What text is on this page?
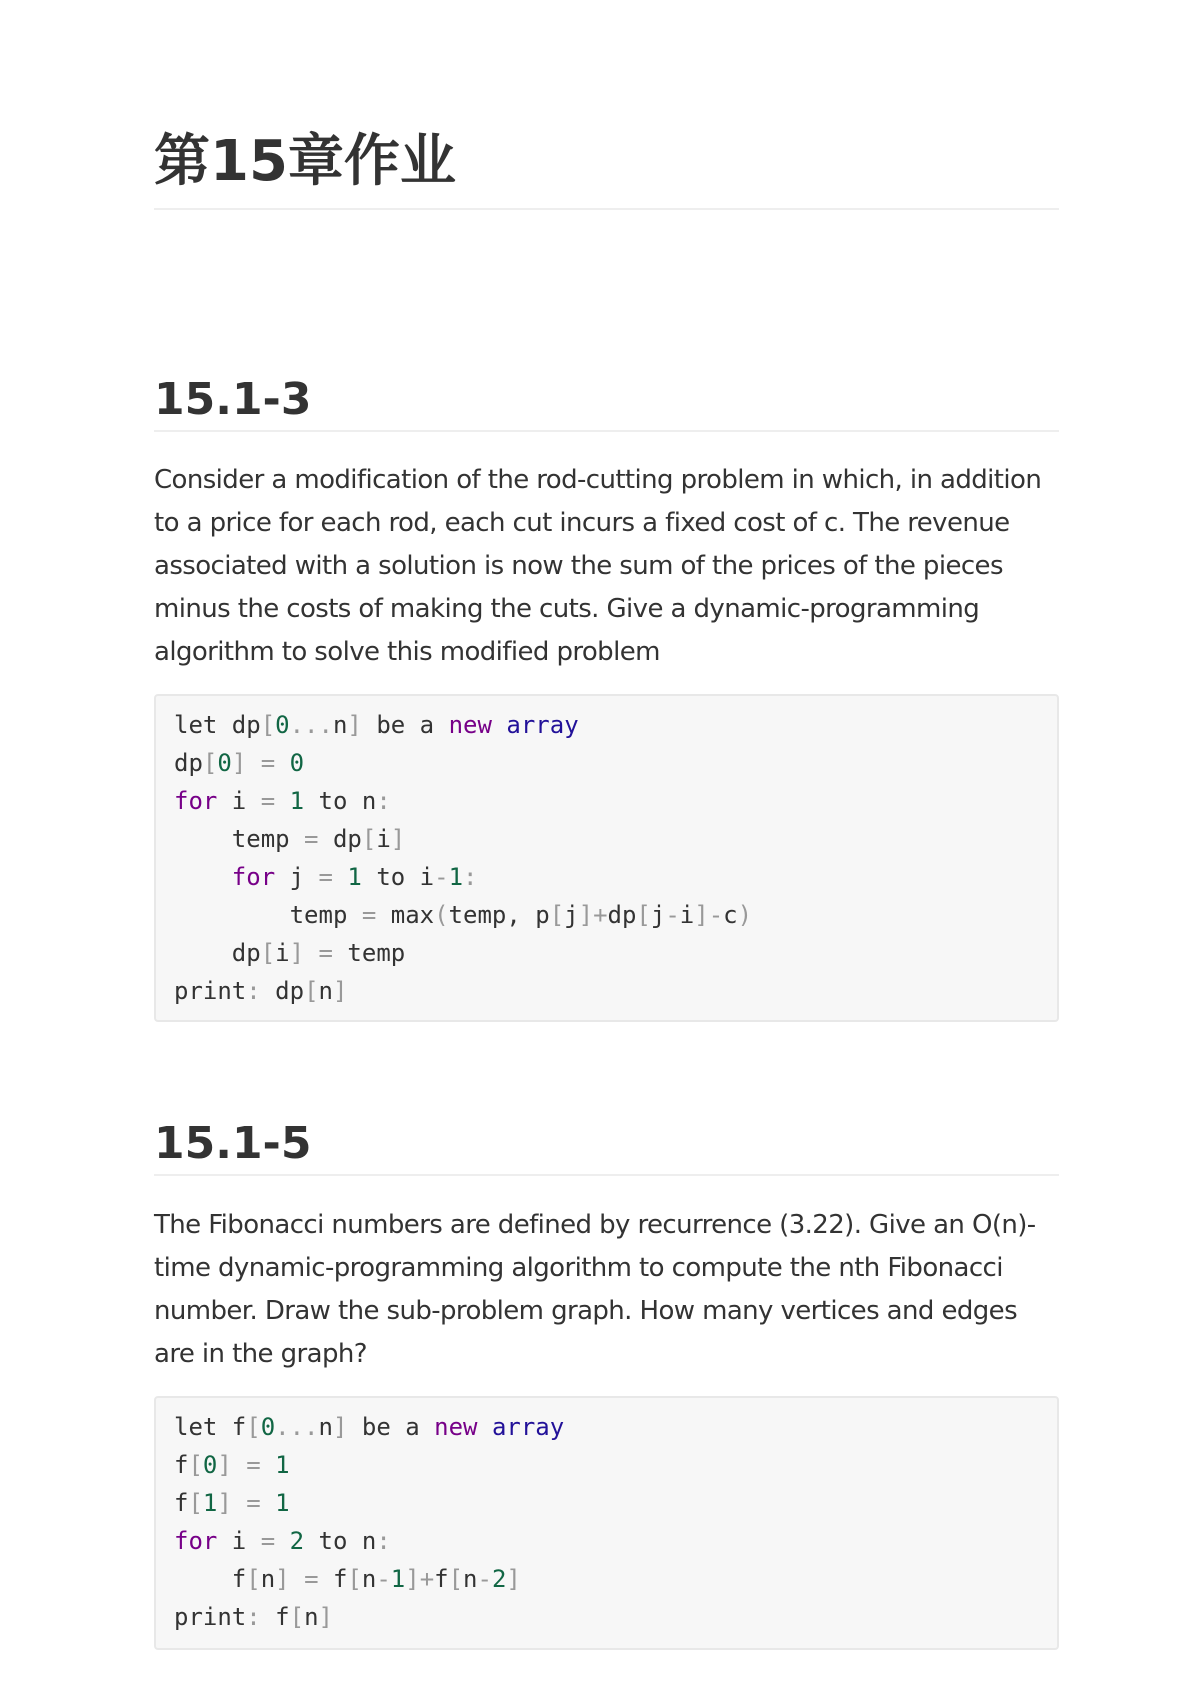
第15章作业
15.1-3

Consider a modification of the rod-cutting problem in which, in addition to a price for each rod, each cut incurs a fixed cost of c. The revenue associated with a solution is now the sum of the prices of the pieces minus the costs of making the cuts. Give a dynamic-programming algorithm to solve this modified problem

let dp[0...n] be a new array
dp[0] = 0
for i = 1 to n:
temp = dp[i]
for j = 1 to i-1:
temp = max(temp, p[j]+dp[j-i]-c)
dp[i] = temp
print: dp[n]
15.1-5

The Fibonacci numbers are defined by recurrence (3.22). Give an O(n)-time dynamic-programming algorithm to compute the nth Fibonacci number. Draw the sub-problem graph. How many vertices and edges are in the graph?

let f[0...n] be a new array
f[0] = 1
f[1] = 1
for i = 2 to n:
f[n] = f[n-1]+f[n-2]
print: f[n]
